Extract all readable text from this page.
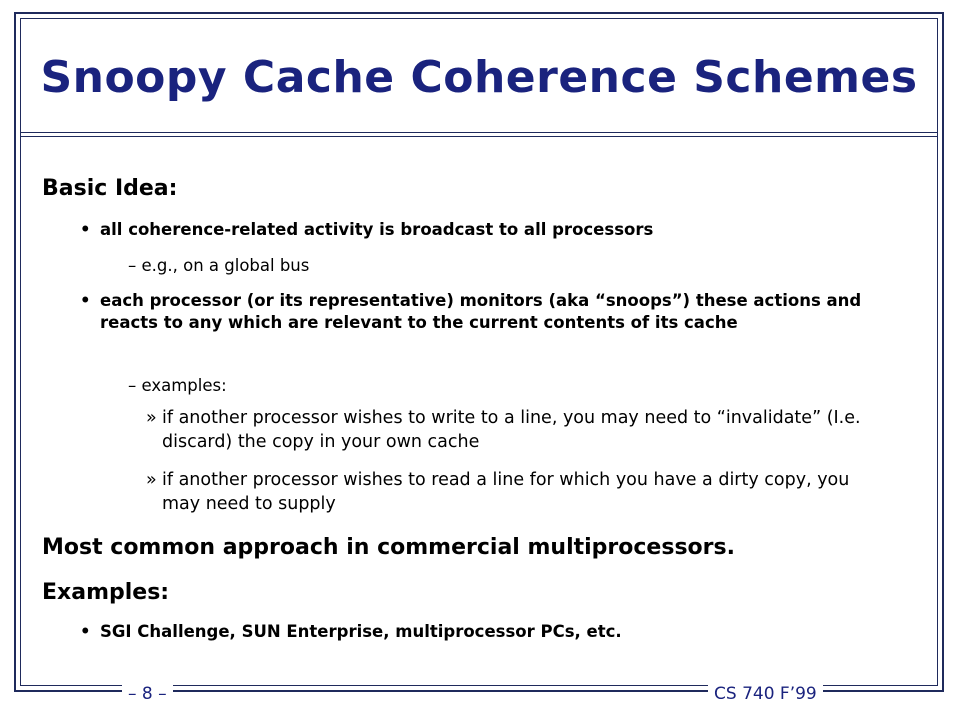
Snoopy Cache Coherence Schemes
Basic Idea:
• all coherence-related activity is broadcast to all processors
– e.g., on a global bus
• each processor (or its representative) monitors (aka “snoops”) these actions and reacts to any which are relevant to the current contents of its cache
– examples:
» if another processor wishes to write to a line, you may need to “invalidate” (I.e. discard) the copy in your own cache
» if another processor wishes to read a line for which you have a dirty copy, you may need to supply
Most common approach in commercial multiprocessors.
Examples:
• SGI Challenge, SUN Enterprise, multiprocessor PCs, etc.
– 8 –	CS 740 F’99
